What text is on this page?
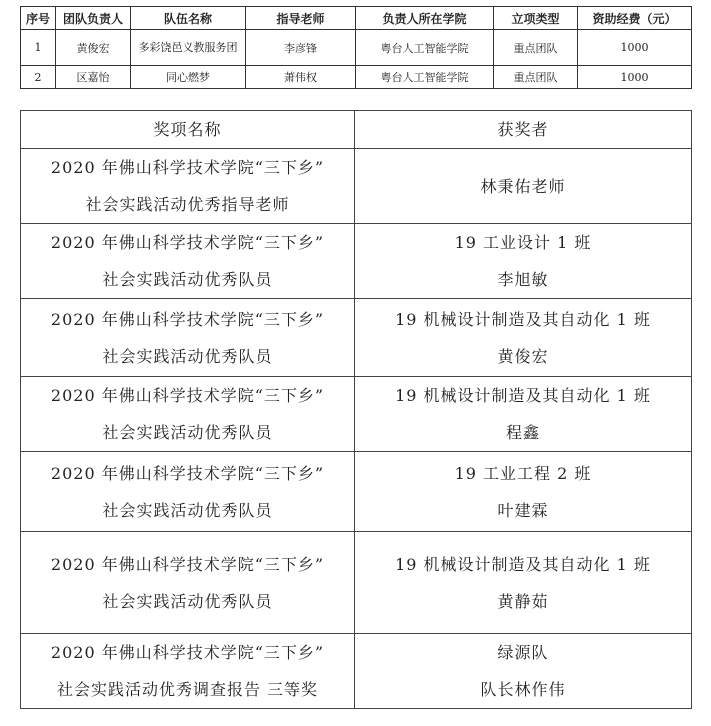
序号	团队负责人	队伍名称	指导老师	负责人所在学院	立项类型	资助经费（元）
1	黄俊宏	多彩饶邑义教服务团	李彦锋	粤台人工智能学院	重点团队	1000
2	区嘉怡	同心燃梦	萧伟权	粤台人工智能学院	重点团队	1000
奖项名称	获奖者

2020 年佛山科学技术学院“三下乡”
社会实践活动优秀指导老师	林秉佑老师

2020 年佛山科学技术学院“三下乡”
社会实践活动优秀队员	19 工业设计 1 班
李旭敏

2020 年佛山科学技术学院“三下乡”
社会实践活动优秀队员	19 机械设计制造及其自动化 1 班
黄俊宏

2020 年佛山科学技术学院“三下乡”
社会实践活动优秀队员	19 机械设计制造及其自动化 1 班
程鑫

2020 年佛山科学技术学院“三下乡”
社会实践活动优秀队员	19 工业工程 2 班
叶建霖

2020 年佛山科学技术学院“三下乡”
社会实践活动优秀队员	19 机械设计制造及其自动化 1 班
黄静茹

2020 年佛山科学技术学院“三下乡”
社会实践活动优秀调查报告 三等奖	绿源队
队长林作伟
